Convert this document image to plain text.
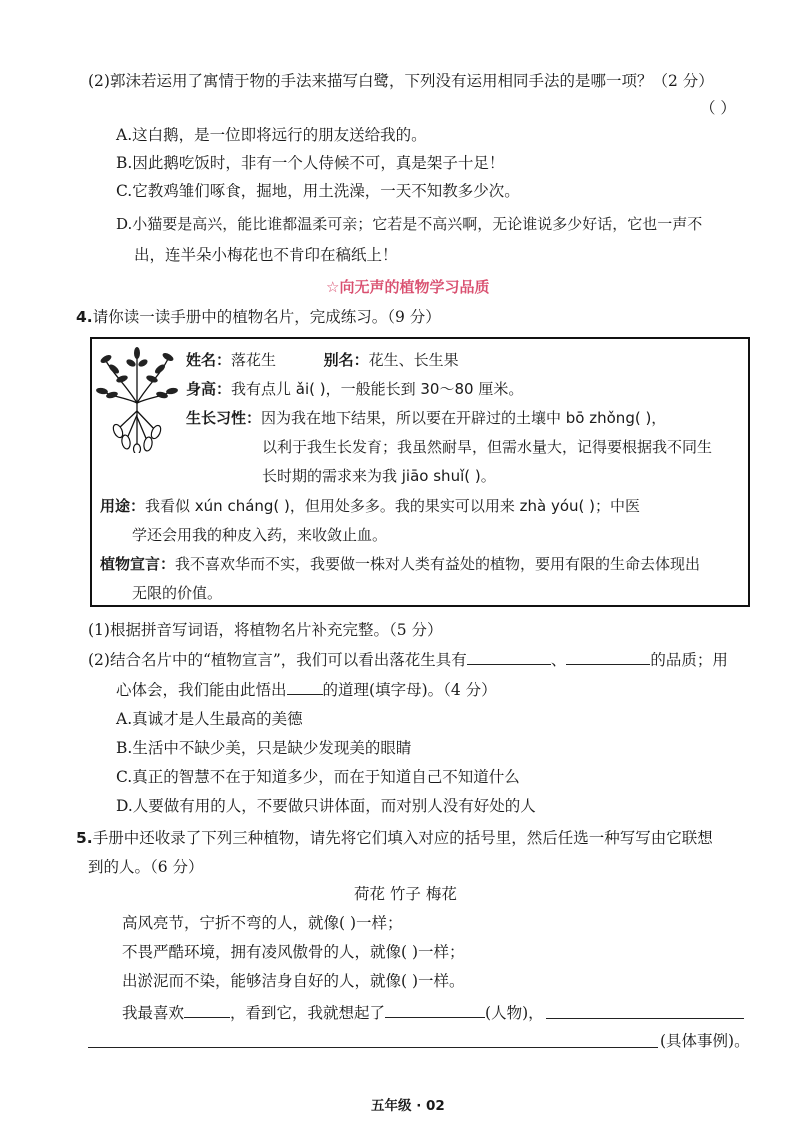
(2)郭沫若运用了寓情于物的手法来描写白鹭，下列没有运用相同手法的是哪一项？（2 分）
（ ）
A.这白鹅，是一位即将远行的朋友送给我的。
B.因此鹅吃饭时，非有一个人侍候不可，真是架子十足！
C.它教鸡雏们啄食，掘地，用土洗澡，一天不知教多少次。
D.小猫要是高兴，能比谁都温柔可亲；它若是不高兴啊，无论谁说多少好话，它也一声不
出，连半朵小梅花也不肯印在稿纸上！
☆向无声的植物学习品质
4.请你读一读手册中的植物名片，完成练习。（9 分）
姓名：落花生	别名：花生、长生果
身高：我有点儿 ǎi( )，一般能长到 30～80 厘米。
生长习性：因为我在地下结果，所以要在开辟过的土壤中 bō zhǒng( )，
以利于我生长发育；我虽然耐旱，但需水量大，记得要根据我不同生
长时期的需求来为我 jiāo shuǐ( )。
用途：我看似 xún cháng( )，但用处多多。我的果实可以用来 zhà yóu( )；中医
学还会用我的种皮入药，来收敛止血。
植物宣言：我不喜欢华而不实，我要做一株对人类有益处的植物，要用有限的生命去体现出
无限的价值。
(1)根据拼音写词语，将植物名片补充完整。（5 分）
(2)结合名片中的“植物宣言”，我们可以看出落花生具有	、	的品质；用
心体会，我们能由此悟出 的道理(填字母)。（4 分）
A.真诚才是人生最高的美德
B.生活中不缺少美，只是缺少发现美的眼睛
C.真正的智慧不在于知道多少，而在于知道自己不知道什么
D.人要做有用的人，不要做只讲体面，而对别人没有好处的人
5.手册中还收录了下列三种植物，请先将它们填入对应的括号里，然后任选一种写写由它联想
到的人。（6 分）
荷花 竹子 梅花
高风亮节，宁折不弯的人，就像( )一样；
不畏严酷环境，拥有凌风傲骨的人，就像( )一样；
出淤泥而不染，能够洁身自好的人，就像( )一样。
我最喜欢	，看到它，我就想起了	(人物)，
(具体事例)。
五年级 · 02
